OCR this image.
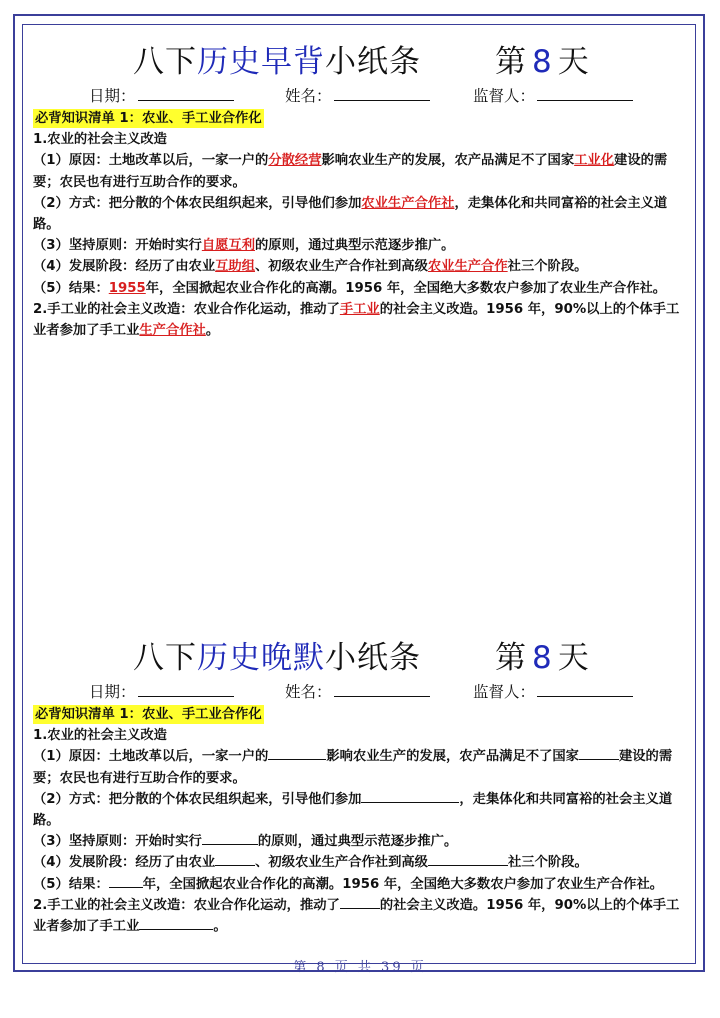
八下历史早背小纸条 第 8 天
日期：	姓名：	监督人：

必背知识清单 1：农业、手工业合作化

1.农业的社会主义改造

（1）原因：土地改革以后，一家一户的分散经营影响农业生产的发展，农产品满足不了国家工业化建设的需要；农民也有进行互助合作的要求。

（2）方式：把分散的个体农民组织起来，引导他们参加农业生产合作社，走集体化和共同富裕的社会主义道路。

（3）坚持原则：开始时实行自愿互利的原则，通过典型示范逐步推广。

（4）发展阶段：经历了由农业互助组、初级农业生产合作社到高级农业生产合作社三个阶段。

（5）结果：1955年，全国掀起农业合作化的高潮。1956 年，全国绝大多数农户参加了农业生产合作社。

2.手工业的社会主义改造：农业合作化运动，推动了手工业的社会主义改造。1956 年，90%以上的个体手工业者参加了手工业生产合作社。

八下历史晚默小纸条 第 8 天
日期：	姓名：	监督人：

必背知识清单 1：农业、手工业合作化

1.农业的社会主义改造

（1）原因：土地改革以后，一家一户的	影响农业生产的发展，农产品满足不了国家	建设的需要；农民也有进行互助合作的要求。

（2）方式：把分散的个体农民组织起来，引导他们参加	，走集体化和共同富裕的社会主义道路。

（3）坚持原则：开始时实行	的原则，通过典型示范逐步推广。

（4）发展阶段：经历了由农业	、初级农业生产合作社到高级	社三个阶段。

（5）结果：	年，全国掀起农业合作化的高潮。1956 年，全国绝大多数农户参加了农业生产合作社。

2.手工业的社会主义改造：农业合作化运动，推动了	的社会主义改造。1956 年，90%以上的个体手工业者参加了手工业	。

第 8 页 共 39 页
